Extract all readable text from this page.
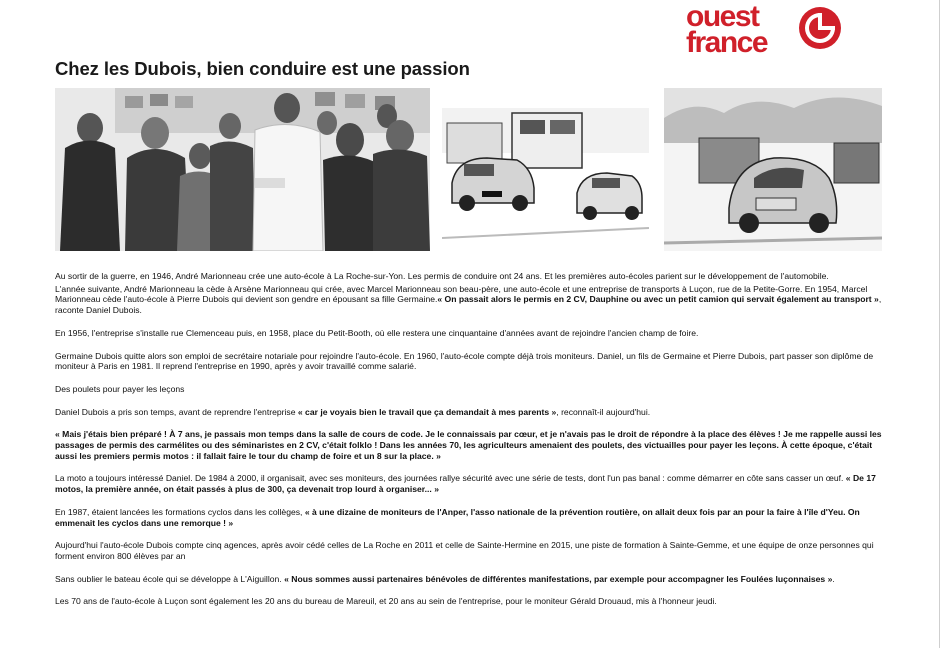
ouest
france
Chez les Dubois, bien conduire est une passion

Au sortir de la guerre, en 1946, André Marionneau crée une auto-école à La Roche-sur-Yon. Les permis de conduire ont 24 ans. Et les premières auto-écoles parient sur le développement de l'automobile.

L'année suivante, André Marionneau la cède à Arsène Marionneau qui crée, avec Marcel Marionneau son beau-père, une auto-école et une entreprise de transports à Luçon, rue de la Petite-Gorre. En 1954, Marcel Marionneau cède l'auto-école à Pierre Dubois qui devient son gendre en épousant sa fille Germaine.« On passait alors le permis en 2 CV, Dauphine ou avec un petit camion qui servait également au transport », raconte Daniel Dubois.

En 1956, l'entreprise s'installe rue Clemenceau puis, en 1958, place du Petit-Booth, où elle restera une cinquantaine d'années avant de rejoindre l'ancien champ de foire.

Germaine Dubois quitte alors son emploi de secrétaire notariale pour rejoindre l'auto-école. En 1960, l'auto-école compte déjà trois moniteurs. Daniel, un fils de Germaine et Pierre Dubois, part passer son diplôme de moniteur à Paris en 1981. Il reprend l'entreprise en 1990, après y avoir travaillé comme salarié.

Des poulets pour payer les leçons

Daniel Dubois a pris son temps, avant de reprendre l'entreprise « car je voyais bien le travail que ça demandait à mes parents », reconnaît-il aujourd'hui.

« Mais j'étais bien préparé ! À 7 ans, je passais mon temps dans la salle de cours de code. Je le connaissais par cœur, et je n'avais pas le droit de répondre à la place des élèves ! Je me rappelle aussi les passages de permis des carmélites ou des séminaristes en 2 CV, c'était folklo ! Dans les années 70, les agriculteurs amenaient des poulets, des victuailles pour payer les leçons. À cette époque, c'était aussi les premiers permis motos : il fallait faire le tour du champ de foire et un 8 sur la place. »

La moto a toujours intéressé Daniel. De 1984 à 2000, il organisait, avec ses moniteurs, des journées rallye sécurité avec une série de tests, dont l'un pas banal : comme démarrer en côte sans casser un œuf. « De 17 motos, la première année, on était passés à plus de 300, ça devenait trop lourd à organiser... »

En 1987, étaient lancées les formations cyclos dans les collèges, « à une dizaine de moniteurs de l'Anper, l'asso nationale de la prévention routière, on allait deux fois par an pour la faire à l'île d'Yeu. On emmenait les cyclos dans une remorque ! »

Aujourd'hui l'auto-école Dubois compte cinq agences, après avoir cédé celles de La Roche en 2011 et celle de Sainte-Hermine en 2015, une piste de formation à Sainte-Gemme, et une équipe de onze personnes qui forment environ 800 élèves par an

Sans oublier le bateau école qui se développe à L'Aiguillon. « Nous sommes aussi partenaires bénévoles de différentes manifestations, par exemple pour accompagner les Foulées luçonnaises ».

Les 70 ans de l'auto-école à Luçon sont également les 20 ans du bureau de Mareuil, et 20 ans au sein de l'entreprise, pour le moniteur Gérald Drouaud, mis à l'honneur jeudi.
